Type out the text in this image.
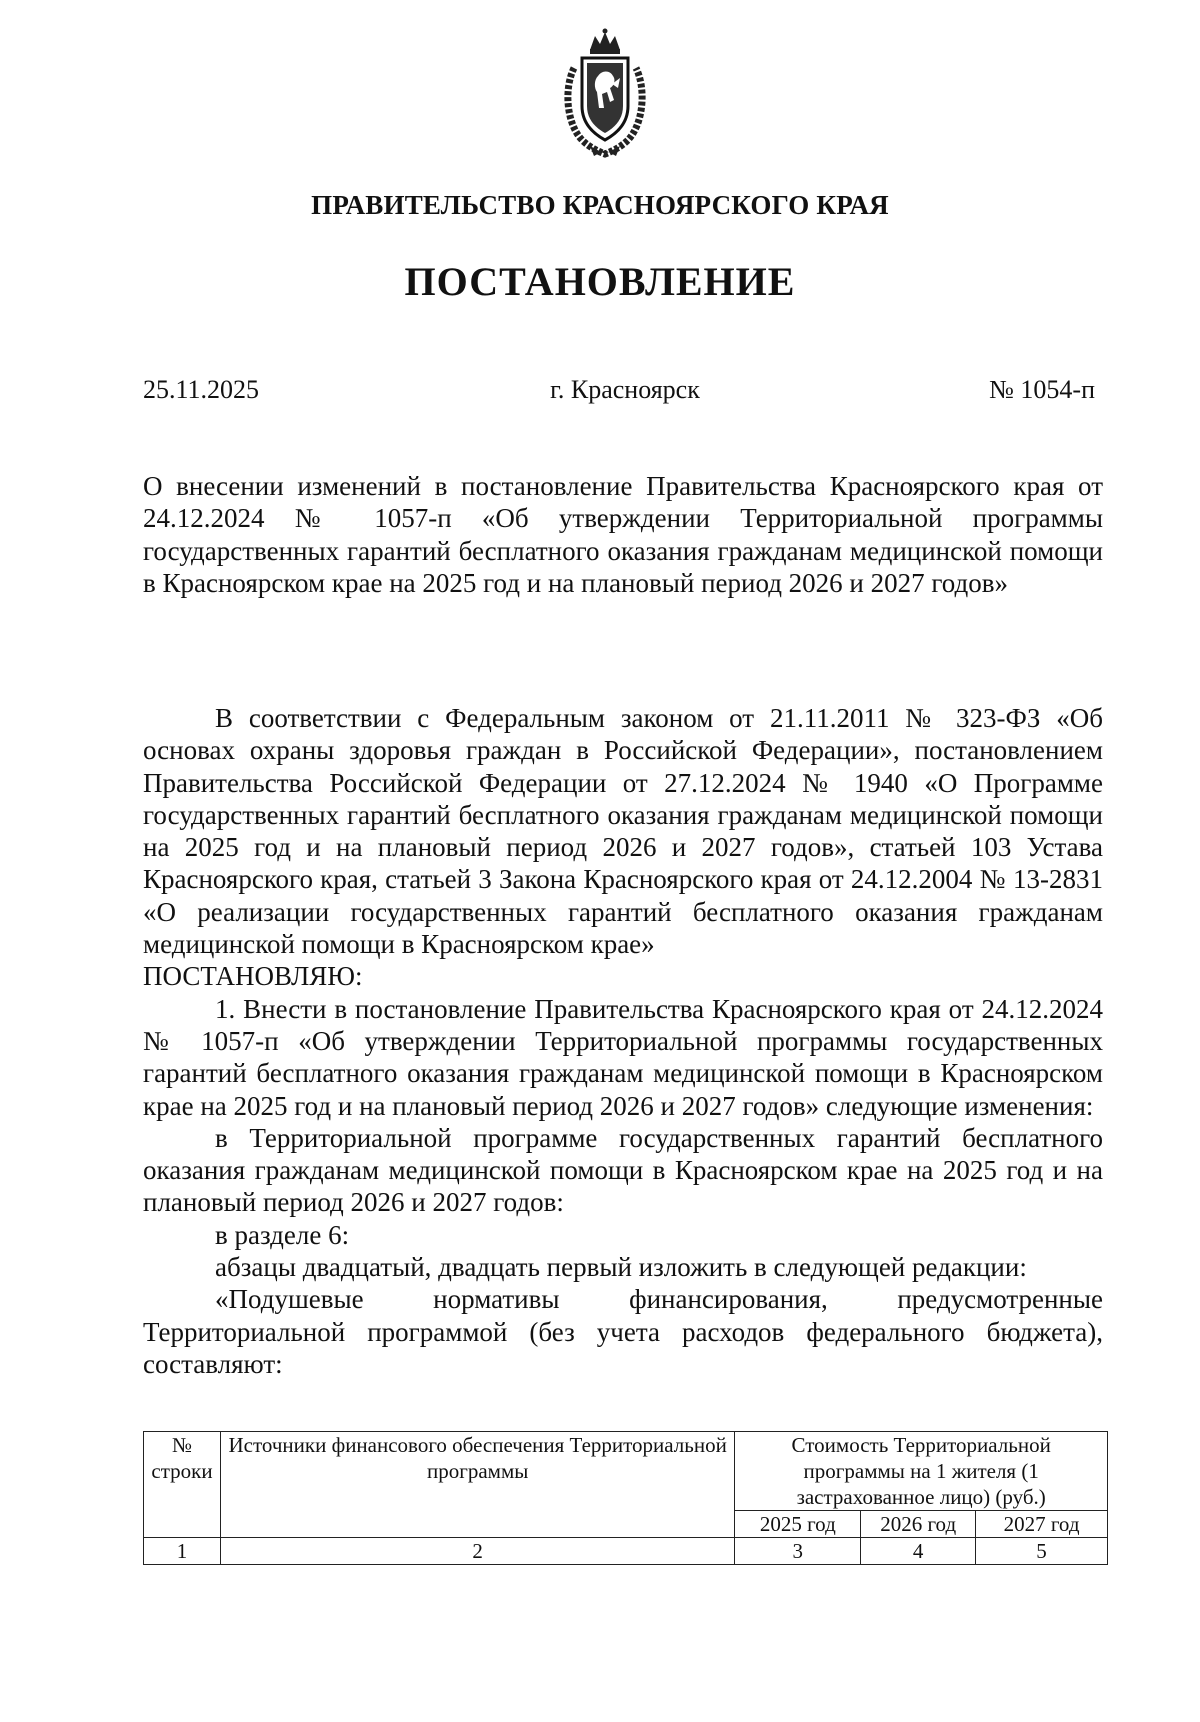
ПРАВИТЕЛЬСТВО КРАСНОЯРСКОГО КРАЯ
ПОСТАНОВЛЕНИЕ
25.11.2025	г. Красноярск	№ 1054-п
О внесении изменений в постановление Правительства Красноярского края от 24.12.2024 № 1057-п «Об утверждении Территориальной программы государственных гарантий бесплатного оказания гражданам медицинской помощи в Красноярском крае на 2025 год и на плановый период 2026 и 2027 годов»

В соответствии с Федеральным законом от 21.11.2011 № 323-ФЗ «Об основах охраны здоровья граждан в Российской Федерации», постановлением Правительства Российской Федерации от 27.12.2024 № 1940 «О Программе государственных гарантий бесплатного оказания гражданам медицинской помощи на 2025 год и на плановый период 2026 и 2027 годов», статьей 103 Устава Красноярского края, статьей 3 Закона Красноярского края от 24.12.2004 № 13-2831 «О реализации государственных гарантий бесплатного оказания гражданам медицинской помощи в Красноярском крае»

ПОСТАНОВЛЯЮ:

1. Внести в постановление Правительства Красноярского края от 24.12.2024 № 1057-п «Об утверждении Территориальной программы государственных гарантий бесплатного оказания гражданам медицинской помощи в Красноярском крае на 2025 год и на плановый период 2026 и 2027 годов» следующие изменения:

в Территориальной программе государственных гарантий бесплатного оказания гражданам медицинской помощи в Красноярском крае на 2025 год и на плановый период 2026 и 2027 годов:

в разделе 6:

абзацы двадцатый, двадцать первый изложить в следующей редакции:

«Подушевые нормативы финансирования, предусмотренные Территориальной программой (без учета расходов федерального бюджета), составляют:

№ строки	Источники финансового обеспечения Территориальной программы	Стоимость Территориальной программы на 1 жителя (1 застрахованное лицо) (руб.)		
		2025 год	2026 год	2027 год
1	2	3	4	5
